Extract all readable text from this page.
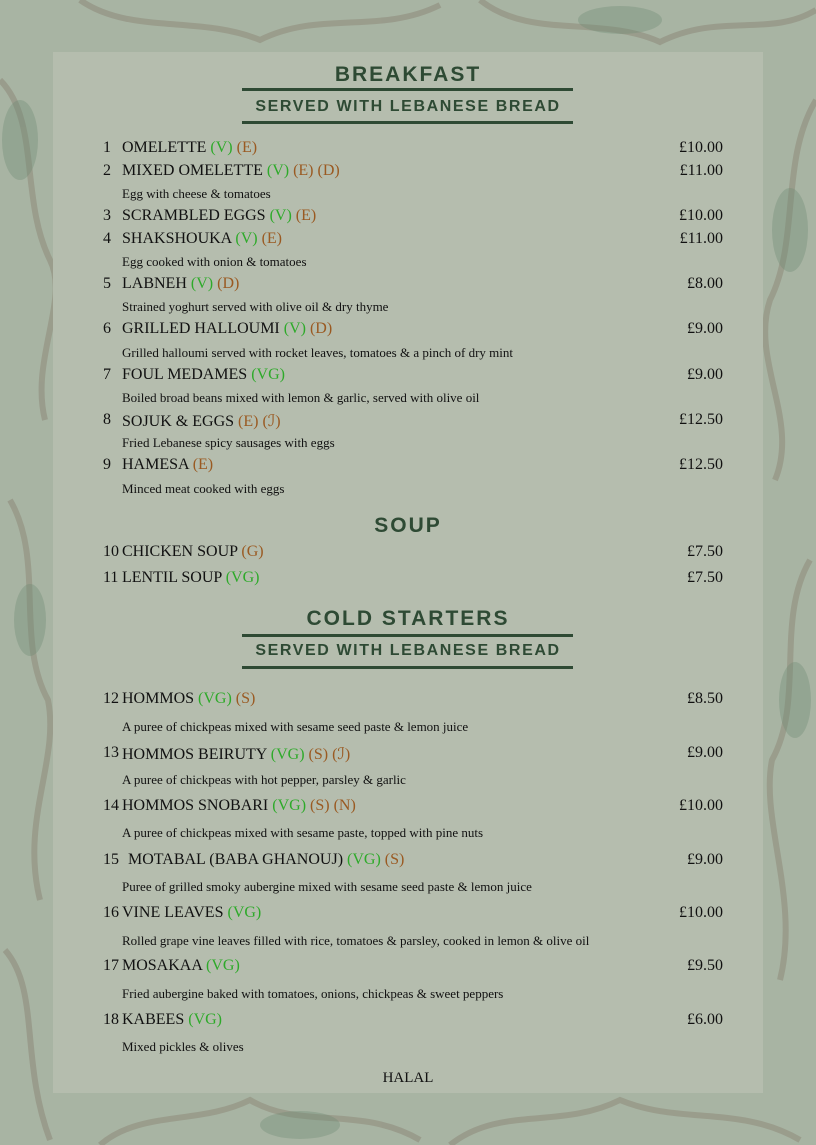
BREAKFAST
SERVED WITH LEBANESE BREAD
SOUP
COLD STARTERS
SERVED WITH LEBANESE BREAD
1 OMELETTE (V) (E)	£10.00
2 MIXED OMELETTE (V) (E) (D)	£11.00
Egg with cheese & tomatoes
3 SCRAMBLED EGGS (V) (E)	£10.00
4 SHAKSHOUKA (V) (E)	£11.00
Egg cooked with onion & tomatoes
5 LABNEH (V) (D)	£8.00
Strained yoghurt served with olive oil & dry thyme
6 GRILLED HALLOUMI (V) (D)	£9.00
Grilled halloumi served with rocket leaves, tomatoes & a pinch of dry mint
7 FOUL MEDAMES (VG)	£9.00
Boiled broad beans mixed with lemon & garlic, served with olive oil
8 SOJUK & EGGS (E) (ℐ)	£12.50
Fried Lebanese spicy sausages with eggs
9 HAMESA (E)	£12.50
Minced meat cooked with eggs
10 CHICKEN SOUP (G)	£7.50
11 LENTIL SOUP (VG)	£7.50
12 HOMMOS (VG) (S)	£8.50
A puree of chickpeas mixed with sesame seed paste & lemon juice
13 HOMMOS BEIRUTY (VG) (S) (ℐ)	£9.00
A puree of chickpeas with hot pepper, parsley & garlic
14 HOMMOS SNOBARI (VG) (S) (N)	£10.00
A puree of chickpeas mixed with sesame paste, topped with pine nuts
15 MOTABAL (BABA GHANOUJ) (VG) (S)	£9.00
Puree of grilled smoky aubergine mixed with sesame seed paste & lemon juice
16 VINE LEAVES (VG)	£10.00
Rolled grape vine leaves filled with rice, tomatoes & parsley, cooked in lemon & olive oil
17 MOSAKAA (VG)	£9.50
Fried aubergine baked with tomatoes, onions, chickpeas & sweet peppers
18 KABEES (VG)	£6.00
Mixed pickles & olives
HALAL
